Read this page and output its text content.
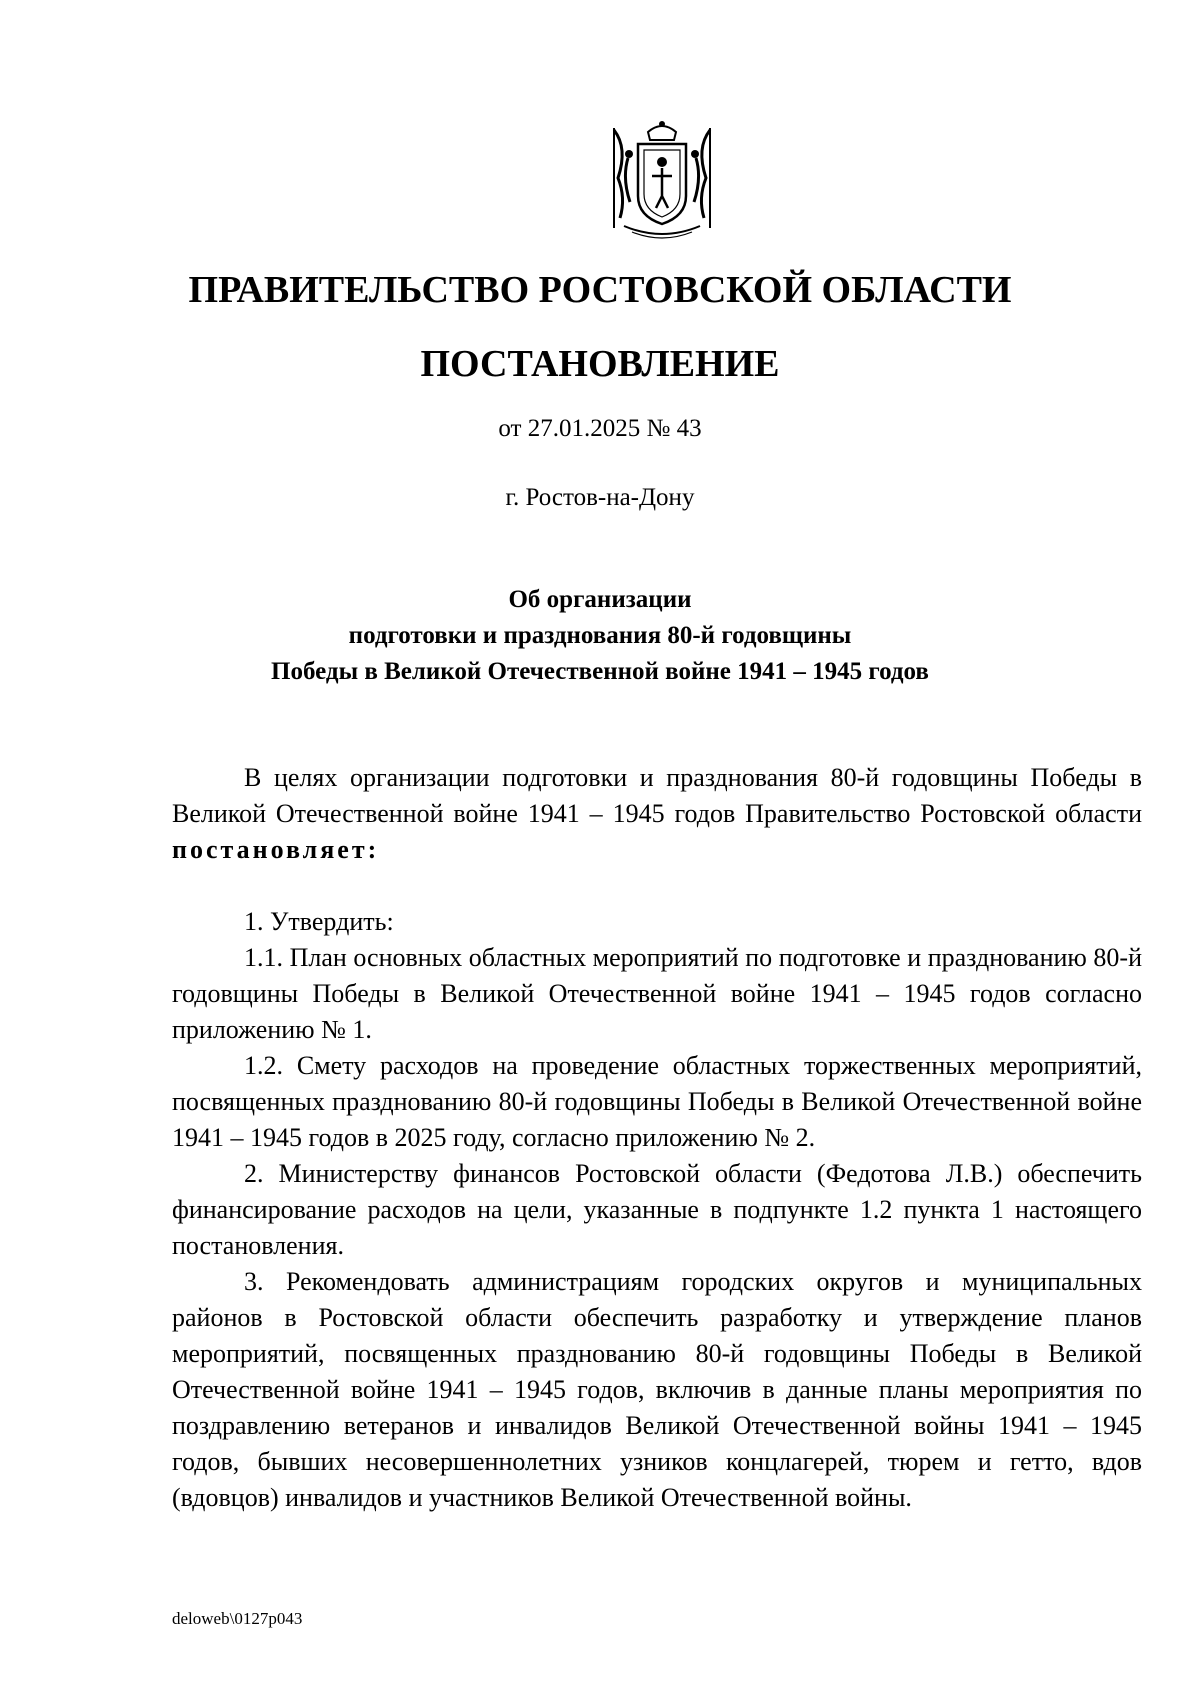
ПРАВИТЕЛЬСТВО РОСТОВСКОЙ ОБЛАСТИ
ПОСТАНОВЛЕНИЕ
от 27.01.2025 № 43
г. Ростов-на-Дону
Об организации
подготовки и празднования 80-й годовщины
Победы в Великой Отечественной войне 1941 – 1945 годов

В целях организации подготовки и празднования 80-й годовщины Победы в Великой Отечественной войне 1941 – 1945 годов Правительство Ростовской области постановляет:

1. Утвердить:

1.1. План основных областных мероприятий по подготовке и празднованию 80-й годовщины Победы в Великой Отечественной войне 1941 – 1945 годов согласно приложению № 1.

1.2. Смету расходов на проведение областных торжественных мероприятий, посвященных празднованию 80-й годовщины Победы в Великой Отечественной войне 1941 – 1945 годов в 2025 году, согласно приложению № 2.

2. Министерству финансов Ростовской области (Федотова Л.В.) обеспечить финансирование расходов на цели, указанные в подпункте 1.2 пункта 1 настоящего постановления.

3. Рекомендовать администрациям городских округов и муниципальных районов в Ростовской области обеспечить разработку и утверждение планов мероприятий, посвященных празднованию 80-й годовщины Победы в Великой Отечественной войне 1941 – 1945 годов, включив в данные планы мероприятия по поздравлению ветеранов и инвалидов Великой Отечественной войны 1941 – 1945 годов, бывших несовершеннолетних узников концлагерей, тюрем и гетто, вдов (вдовцов) инвалидов и участников Великой Отечественной войны.

deloweb\0127p043
